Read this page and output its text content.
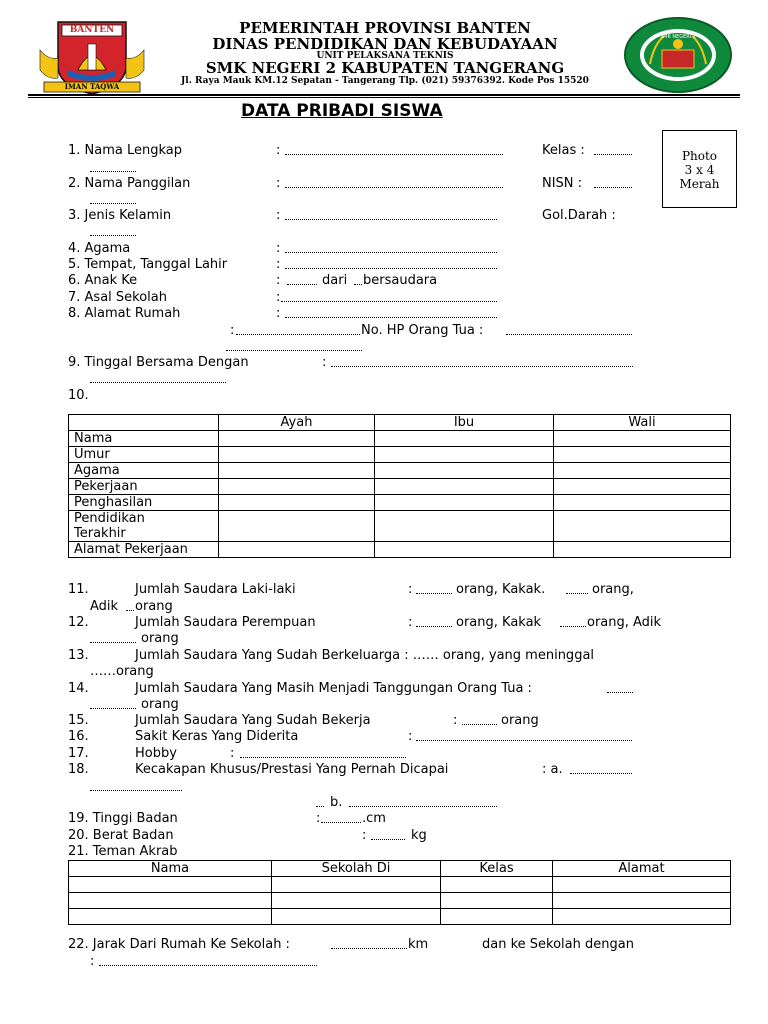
BANTEN
IMAN TAQWA
PEMERINTAH PROVINSI BANTEN
DINAS PENDIDIKAN DAN KEBUDAYAAN
UNIT PELAKSANA TEKNIS
SMK NEGERI 2 KABUPATEN TANGERANG
Jl. Raya Mauk KM.12 Sepatan - Tangerang Tlp. (021) 59376392. Kode Pos 15520
SMK NEGERI 2
DATA PRIBADI SISWA
Photo
3 x 4
Merah
1. Nama Lengkap	:	Kelas :
2. Nama Panggilan	:	NISN :
3. Jenis Kelamin	:	Gol.Darah :
4. Agama	:
5. Tempat, Tanggal Lahir	:
6. Anak Ke	:	dari bersaudara
7. Asal Sekolah	:
8. Alamat Rumah	:
:	No. HP Orang Tua :
9. Tinggal Bersama Dengan	:
10.
	Ayah	Ibu	Wali
Nama			
Umur			
Agama			
Pekerjaan			
Penghasilan			

Pendidikan
Terakhir			

Alamat Pekerjaan			
11.	Jumlah Saudara Laki-laki	:	orang, Kakak.	orang,
Adik orang
12.	Jumlah Saudara Perempuan	:	orang, Kakak	orang, Adik
orang
13.	Jumlah Saudara Yang Sudah Berkeluarga : …… orang, yang meninggal
……orang
14.	Jumlah Saudara Yang Masih Menjadi Tanggungan Orang Tua :
orang
15.	Jumlah Saudara Yang Sudah Bekerja	:	orang
16.	Sakit Keras Yang Diderita	:
17.	Hobby	:
18.	Kecakapan Khusus/Prestasi Yang Pernah Dicapai	: a.
b.
19. Tinggi Badan	:	.cm
20. Berat Badan	:	kg
21. Teman Akrab
Nama	Sekolah Di	Kelas	Alamat

22. Jarak Dari Rumah Ke Sekolah :	km	dan ke Sekolah dengan
:
